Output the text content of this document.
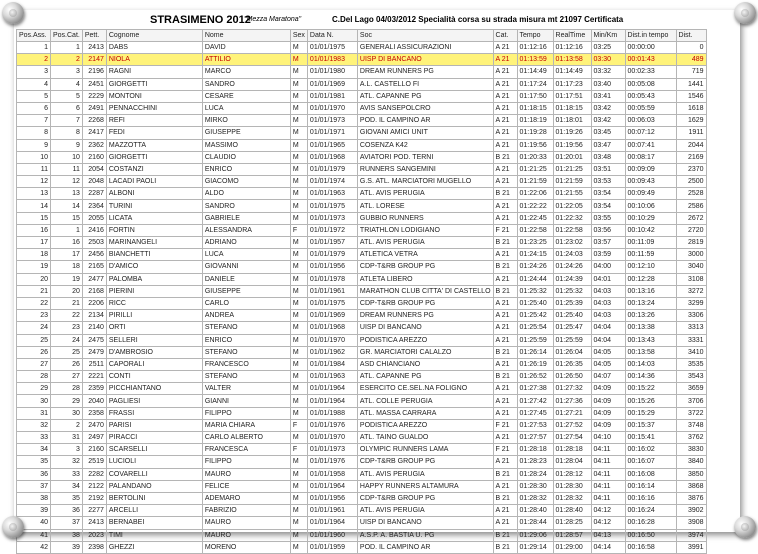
STRASIMENO 2012
"Mezza Maratona"	C.Del Lago 04/03/2012 Specialità corsa su strada misura mt 21097 Certificata
Pos.Ass.	Pos.Cat.	Pett.	Cognome	Nome	Sex	Data N.	Soc	Cat.	Tempo	RealTime	Min/Km	Dist.in tempo	Dist.
1	1	2413	DABS	DAVID	M	01/01/1975	GENERALI ASSICURAZIONI	A 21	01:12:16	01:12:16	03:25	00:00:00	0
2	2	2147	NIOLA	ATTILIO	M	01/01/1983	UISP DI BANCANO	A 21	01:13:59	01:13:58	03:30	00:01:43	489
3	3	2196	RAGNI	MARCO	M	01/01/1980	DREAM RUNNERS PG	A 21	01:14:49	01:14:49	03:32	00:02:33	719
4	4	2451	GIORGETTI	SANDRO	M	01/01/1969	A.L. CASTELLO FI	A 21	01:17:24	01:17:23	03:40	00:05:08	1441
5	5	2229	MONTONI	CESARE	M	01/01/1981	ATL. CAPANNE PG	A 21	01:17:50	01:17:51	03:41	00:05:43	1546
6	6	2491	PENNACCHINI	LUCA	M	01/01/1970	AVIS SANSEPOLCRO	A 21	01:18:15	01:18:15	03:42	00:05:59	1618
7	7	2268	REFI	MIRKO	M	01/01/1973	POD. IL CAMPINO AR	A 21	01:18:19	01:18:01	03:42	00:06:03	1629
8	8	2417	FEDI	GIUSEPPE	M	01/01/1971	GIOVANI AMICI UNIT	A 21	01:19:28	01:19:26	03:45	00:07:12	1911
9	9	2362	MAZZOTTA	MASSIMO	M	01/01/1965	COSENZA K42	A 21	01:19:56	01:19:56	03:47	00:07:41	2044
10	10	2160	GIORGETTI	CLAUDIO	M	01/01/1968	AVIATORI POD. TERNI	B 21	01:20:33	01:20:01	03:48	00:08:17	2169
11	11	2054	COSTANZI	ENRICO	M	01/01/1979	RUNNERS SANGEMINI	A 21	01:21:25	01:21:25	03:51	00:09:09	2370
12	12	2048	LACADI PAOLI	GIACOMO	M	01/01/1974	G.S. ATL. MARCIATORI MUGELLO	A 21	01:21:59	01:21:59	03:53	00:09:43	2500
13	13	2287	ALBONI	ALDO	M	01/01/1963	ATL. AVIS PERUGIA	B 21	01:22:06	01:21:55	03:54	00:09:49	2528
14	14	2364	TURINI	SANDRO	M	01/01/1975	ATL. LORESE	A 21	01:22:22	01:22:05	03:54	00:10:06	2586
15	15	2055	LICATA	GABRIELE	M	01/01/1973	GUBBIO RUNNERS	A 21	01:22:45	01:22:32	03:55	00:10:29	2672
16	1	2416	FORTIN	ALESSANDRA	F	01/01/1972	TRIATHLON LODIGIANO	F 21	01:22:58	01:22:58	03:56	00:10:42	2720
17	16	2503	MARINANGELI	ADRIANO	M	01/01/1957	ATL. AVIS PERUGIA	B 21	01:23:25	01:23:02	03:57	00:11:09	2819
18	17	2456	BIANCHETTI	LUCA	M	01/01/1979	ATLETICA VETRA	A 21	01:24:15	01:24:03	03:59	00:11:59	3000
19	18	2165	D'AMICO	GIOVANNI	M	01/01/1956	CDP-T&RB GROUP PG	B 21	01:24:26	01:24:26	04:00	00:12:10	3040
20	19	2477	PALOMBA	DANIELE	M	01/01/1978	ATLETA LIBERO	A 21	01:24:44	01:24:39	04:01	00:12:28	3108
21	20	2168	PIERINI	GIUSEPPE	M	01/01/1961	MARATHON CLUB CITTA' DI CASTELLO	B 21	01:25:32	01:25:32	04:03	00:13:16	3272
22	21	2206	RICC	CARLO	M	01/01/1975	CDP-T&RB GROUP PG	A 21	01:25:40	01:25:39	04:03	00:13:24	3299
23	22	2134	PIRILLI	ANDREA	M	01/01/1969	DREAM RUNNERS PG	A 21	01:25:42	01:25:40	04:03	00:13:26	3306
24	23	2140	ORTI	STEFANO	M	01/01/1968	UISP DI BANCANO	A 21	01:25:54	01:25:47	04:04	00:13:38	3313
25	24	2475	SELLERI	ENRICO	M	01/01/1970	PODISTICA AREZZO	A 21	01:25:59	01:25:59	04:04	00:13:43	3331
26	25	2479	D'AMBROSIO	STEFANO	M	01/01/1962	GR. MARCIATORI CALALZO	B 21	01:26:14	01:26:04	04:05	00:13:58	3410
27	26	2511	CAPORALI	FRANCESCO	M	01/01/1984	ASD CHIANCIANO	A 21	01:26:19	01:26:35	04:05	00:14:03	3535
28	27	2221	CONTI	STEFANO	M	01/01/1963	ATL. CAPANNE PG	B 21	01:26:52	01:26:50	04:07	00:14:36	3543
29	28	2359	PICCHIANTANO	VALTER	M	01/01/1964	ESERCITO CE.SEL.NA FOLIGNO	A 21	01:27:38	01:27:32	04:09	00:15:22	3659
30	29	2040	PAGLIESI	GIANNI	M	01/01/1964	ATL. COLLE PERUGIA	A 21	01:27:42	01:27:36	04:09	00:15:26	3706
31	30	2358	FRASSI	FILIPPO	M	01/01/1988	ATL. MASSA CARRARA	A 21	01:27:45	01:27:21	04:09	00:15:29	3722
32	2	2470	PARISI	MARIA CHIARA	F	01/01/1976	PODISTICA AREZZO	F 21	01:27:53	01:27:52	04:09	00:15:37	3748
33	31	2497	PIRACCI	CARLO ALBERTO	M	01/01/1970	ATL. TAINO GUALDO	A 21	01:27:57	01:27:54	04:10	00:15:41	3762
34	3	2160	SCARSELLI	FRANCESCA	F	01/01/1973	OLYMPIC RUNNERS LAMA	F 21	01:28:18	01:28:18	04:11	00:16:02	3830
35	32	2519	LUCIOLI	FILIPPO	M	01/01/1976	CDP-T&RB GROUP PG	A 21	01:28:23	01:28:04	04:11	00:16:07	3840
36	33	2282	COVARELLI	MAURO	M	01/01/1958	ATL. AVIS PERUGIA	B 21	01:28:24	01:28:12	04:11	00:16:08	3850
37	34	2122	PALANDANO	FELICE	M	01/01/1964	HAPPY RUNNERS ALTAMURA	A 21	01:28:30	01:28:30	04:11	00:16:14	3868
38	35	2192	BERTOLINI	ADEMARO	M	01/01/1956	CDP-T&RB GROUP PG	B 21	01:28:32	01:28:32	04:11	00:16:16	3876
39	36	2277	ARCELLI	FABRIZIO	M	01/01/1961	ATL. AVIS PERUGIA	A 21	01:28:40	01:28:40	04:12	00:16:24	3902
40	37	2413	BERNABEI	MAURO	M	01/01/1964	UISP DI BANCANO	A 21	01:28:44	01:28:25	04:12	00:16:28	3908
41	38	2023	TIMI	MAURO	M	01/01/1960	A.S.P. A. BASTIA U. PG	B 21	01:29:06	01:28:57	04:13	00:16:50	3974
42	39	2398	GHEZZI	MORENO	M	01/01/1959	POD. IL CAMPINO AR	B 21	01:29:14	01:29:00	04:14	00:16:58	3991
